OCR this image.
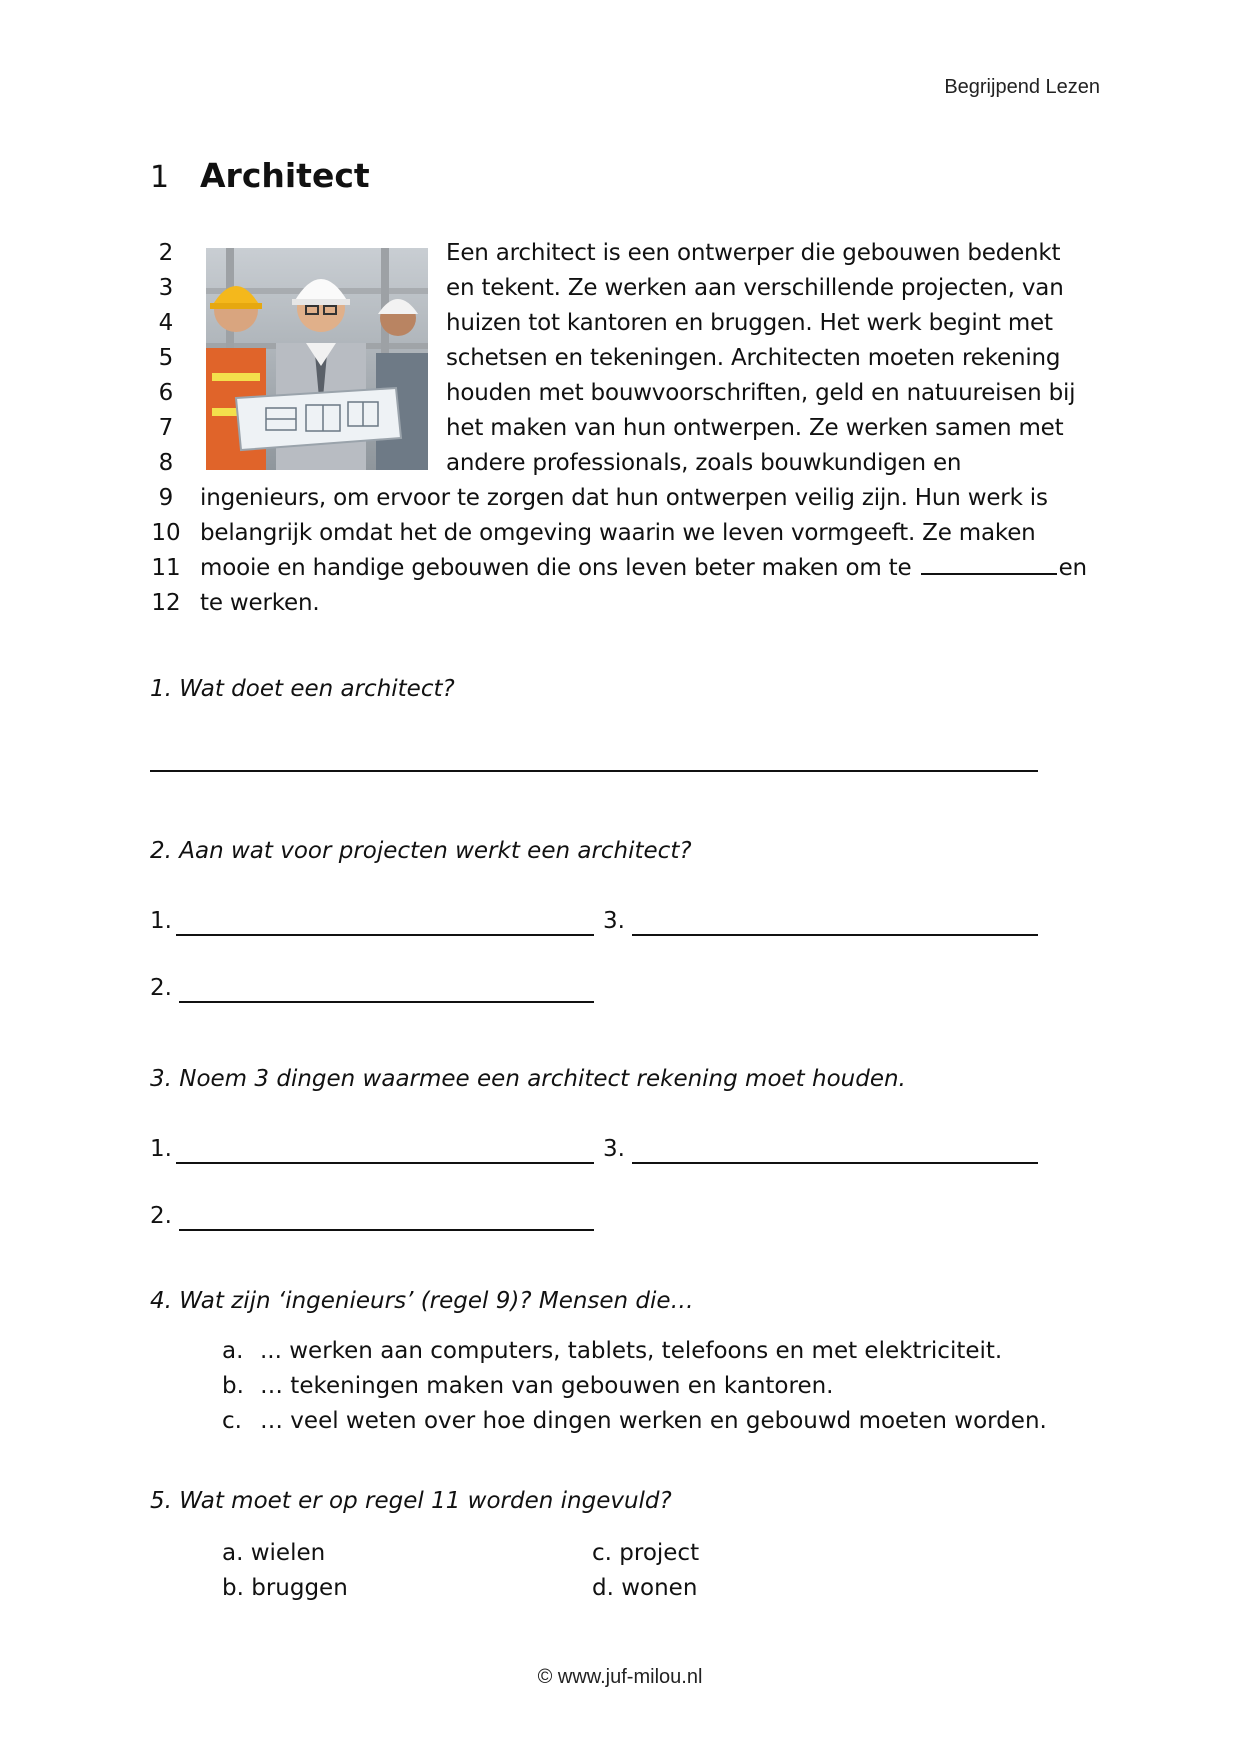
Begrijpend Lezen
1 Architect
2
3
4
5
6
7
8
9
10
11
12
Een architect is een ontwerper die gebouwen bedenkt
en tekent. Ze werken aan verschillende projecten, van
huizen tot kantoren en bruggen. Het werk begint met
schetsen en tekeningen. Architecten moeten rekening
houden met bouwvoorschriften, geld en natuureisen bij
het maken van hun ontwerpen. Ze werken samen met
andere professionals, zoals bouwkundigen en
ingenieurs, om ervoor te zorgen dat hun ontwerpen veilig zijn. Hun werk is
belangrijk omdat het de omgeving waarin we leven vormgeeft. Ze maken
mooie en handige gebouwen die ons leven beter maken om te	en
te werken.
1. Wat doet een architect?
2. Aan wat voor projecten werkt een architect?
1.	3.
2.
3. Noem 3 dingen waarmee een architect rekening moet houden.
1.	3.
2.
4. Wat zijn ‘ingenieurs’ (regel 9)? Mensen die…
a. ... werken aan computers, tablets, telefoons en met elektriciteit.
b. … tekeningen maken van gebouwen en kantoren.
c. … veel weten over hoe dingen werken en gebouwd moeten worden.
5. Wat moet er op regel 11 worden ingevuld?
a. wielen
b. bruggen
c. project
d. wonen
© www.juf-milou.nl
